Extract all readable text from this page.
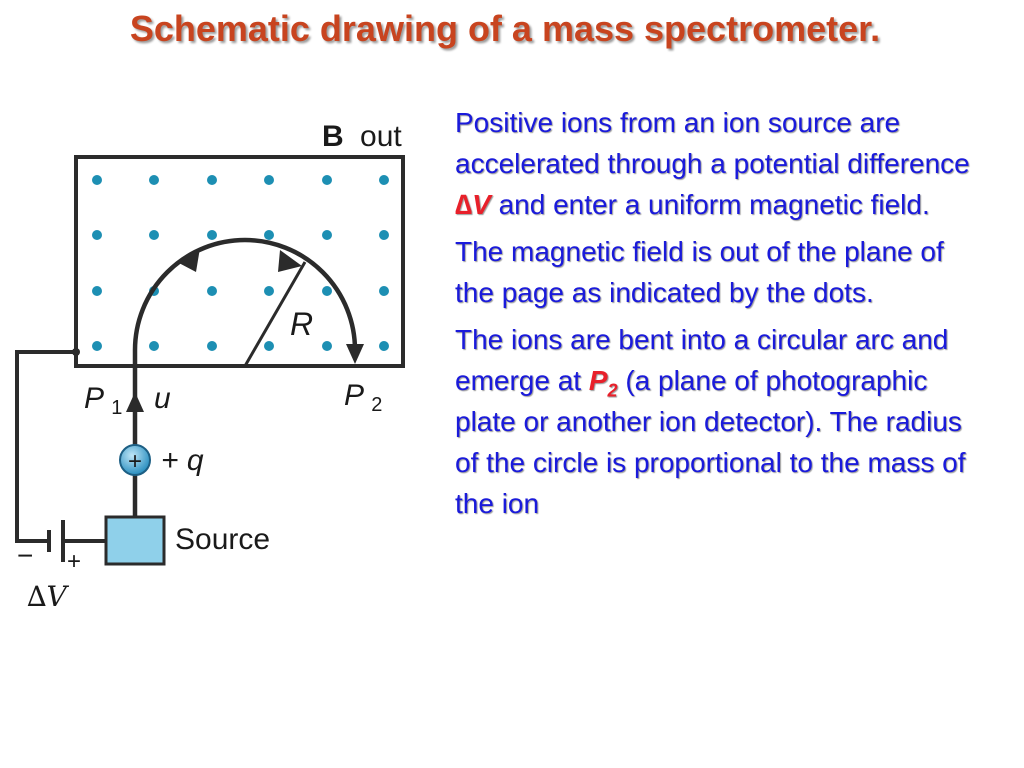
Schematic drawing of a mass spectrometer.
+
B out
R
P $_1$ u	P $_2$
+ q
Source
− +
∆V

Positive ions from an ion source are accelerated through a potential difference ∆V and enter a uniform magnetic field.

The magnetic field is out of the plane of the page as indicated by the dots.

The ions are bent into a circular arc and emerge at $P_2$ (a plane of photographic plate or another ion detector). The radius of the circle is proportional to the mass of the ion
